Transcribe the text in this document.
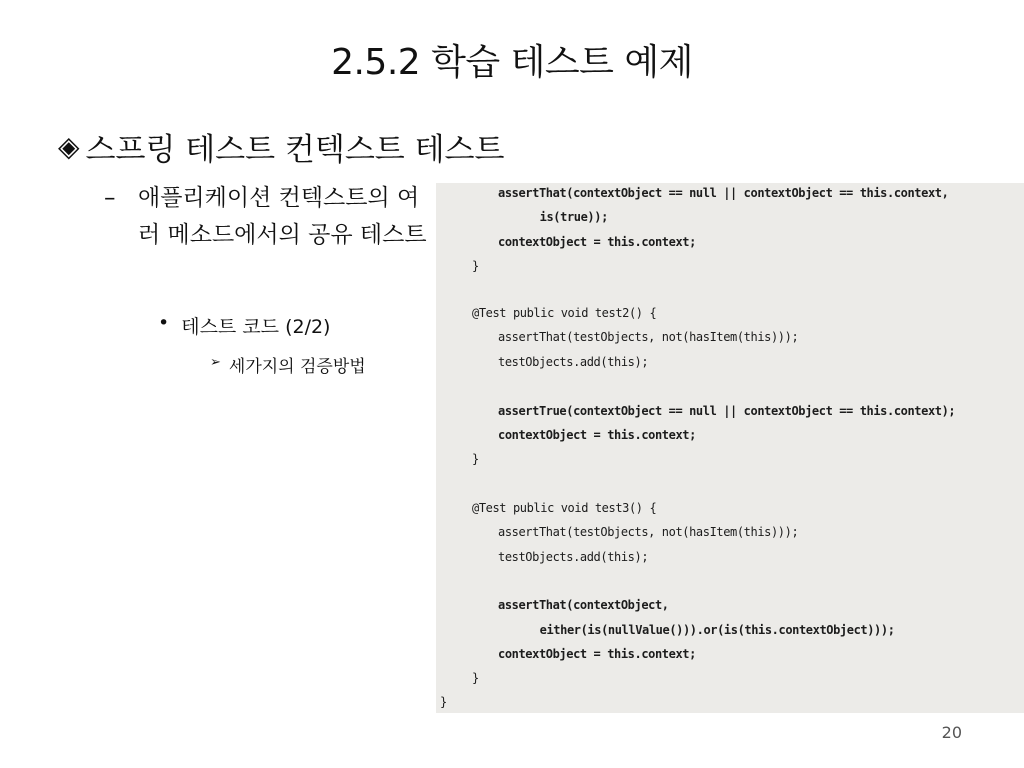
2.5.2 학습 테스트 예제
◈ 스프링 테스트 컨텍스트 테스트
– 애플리케이션 컨텍스트의 여러 메소드에서의 공유 테스트
• 테스트 코드 (2/2)
➢ 세가지의 검증방법
assertThat(contextObject == null || contextObject == this.context,
is(true));
contextObject = this.context;
}
@Test public void test2() {
assertThat(testObjects, not(hasItem(this)));
testObjects.add(this);
assertTrue(contextObject == null || contextObject == this.context);
contextObject = this.context;
}
@Test public void test3() {
assertThat(testObjects, not(hasItem(this)));
testObjects.add(this);
assertThat(contextObject,
either(is(nullValue())).or(is(this.contextObject)));
contextObject = this.context;
}
}
20
